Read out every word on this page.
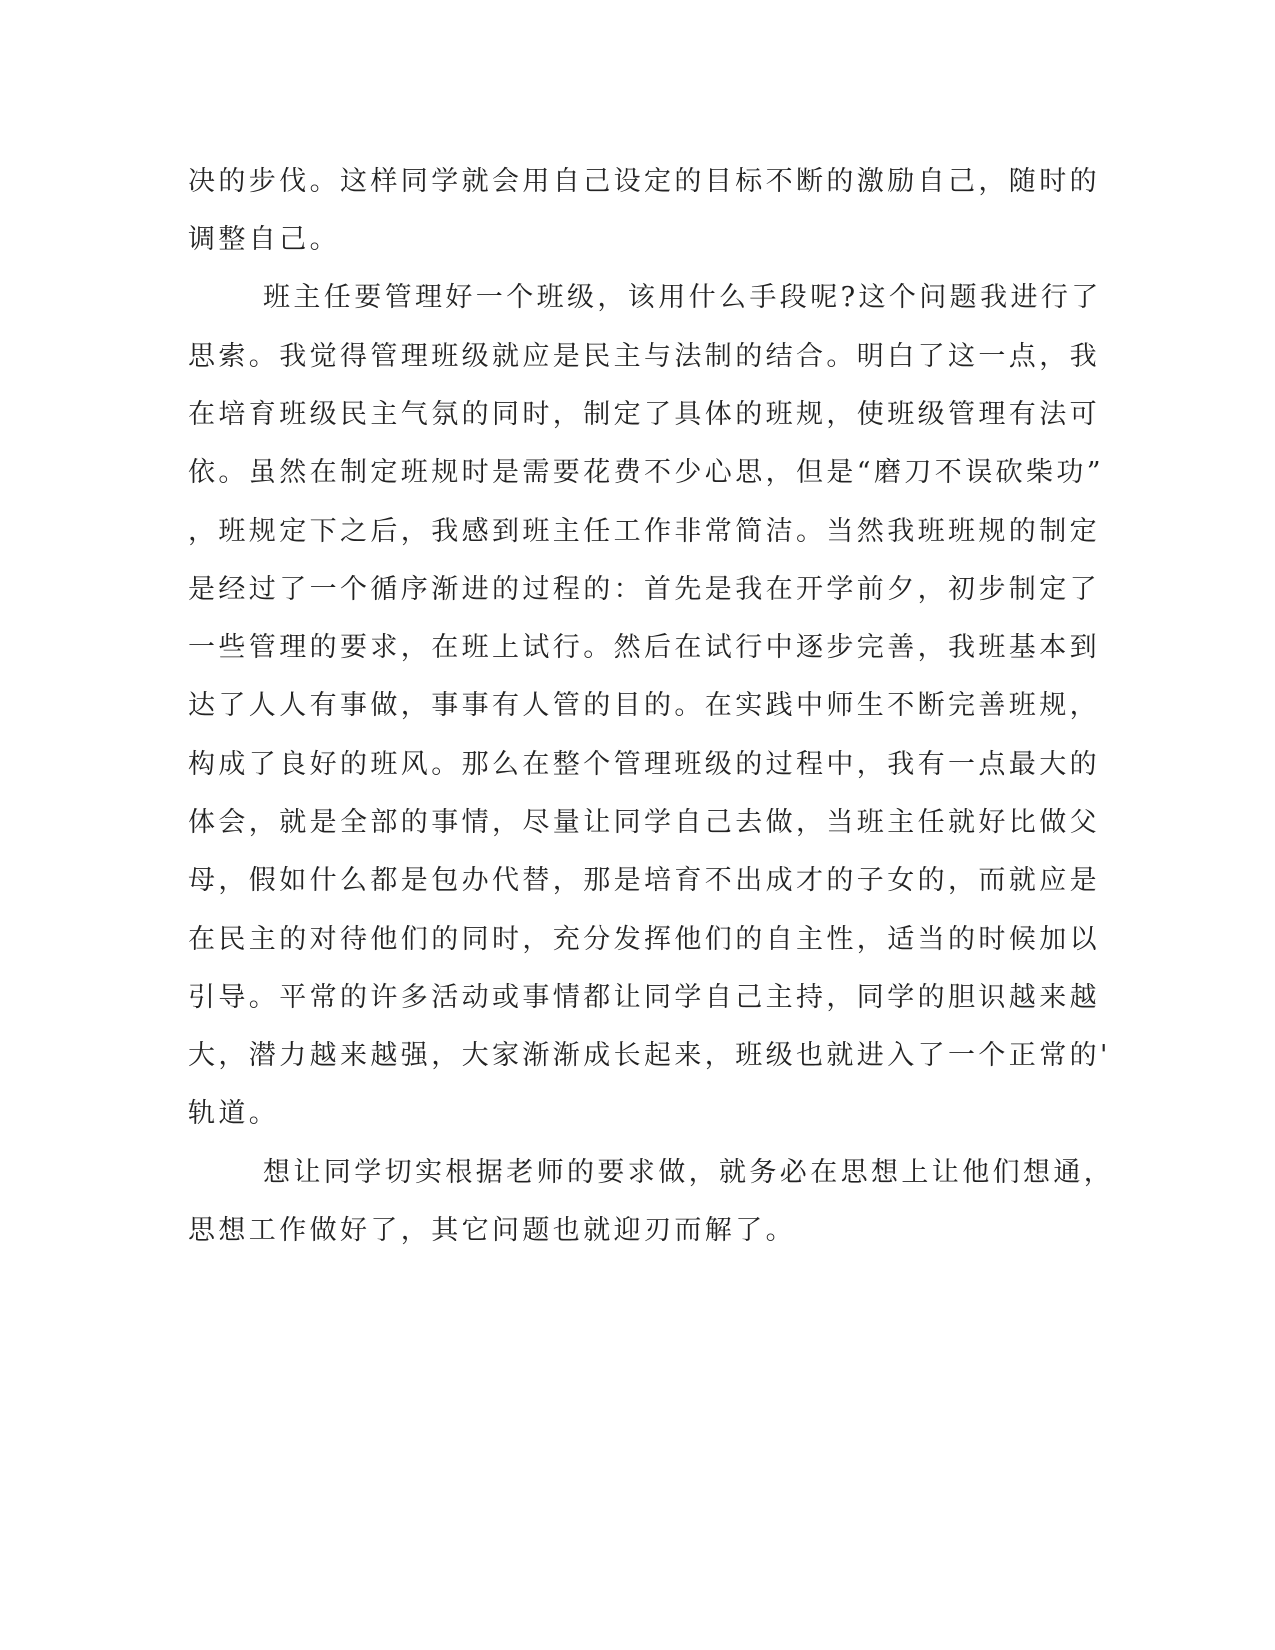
决的步伐。这样同学就会用自己设定的目标不断的激励自己，随时的
调整自己。
班主任要管理好一个班级，该用什么手段呢?这个问题我进行了
思索。我觉得管理班级就应是民主与法制的结合。明白了这一点，我
在培育班级民主气氛的同时，制定了具体的班规，使班级管理有法可
依。虽然在制定班规时是需要花费不少心思，但是“磨刀不误砍柴功”
，班规定下之后，我感到班主任工作非常简洁。当然我班班规的制定
是经过了一个循序渐进的过程的：首先是我在开学前夕，初步制定了
一些管理的要求，在班上试行。然后在试行中逐步完善，我班基本到
达了人人有事做，事事有人管的目的。在实践中师生不断完善班规，
构成了良好的班风。那么在整个管理班级的过程中，我有一点最大的
体会，就是全部的事情，尽量让同学自己去做，当班主任就好比做父
母，假如什么都是包办代替，那是培育不出成才的子女的，而就应是
在民主的对待他们的同时，充分发挥他们的自主性，适当的时候加以
引导。平常的许多活动或事情都让同学自己主持，同学的胆识越来越
大，潜力越来越强，大家渐渐成长起来，班级也就进入了一个正常的'
轨道。
想让同学切实根据老师的要求做，就务必在思想上让他们想通，
思想工作做好了，其它问题也就迎刃而解了。
